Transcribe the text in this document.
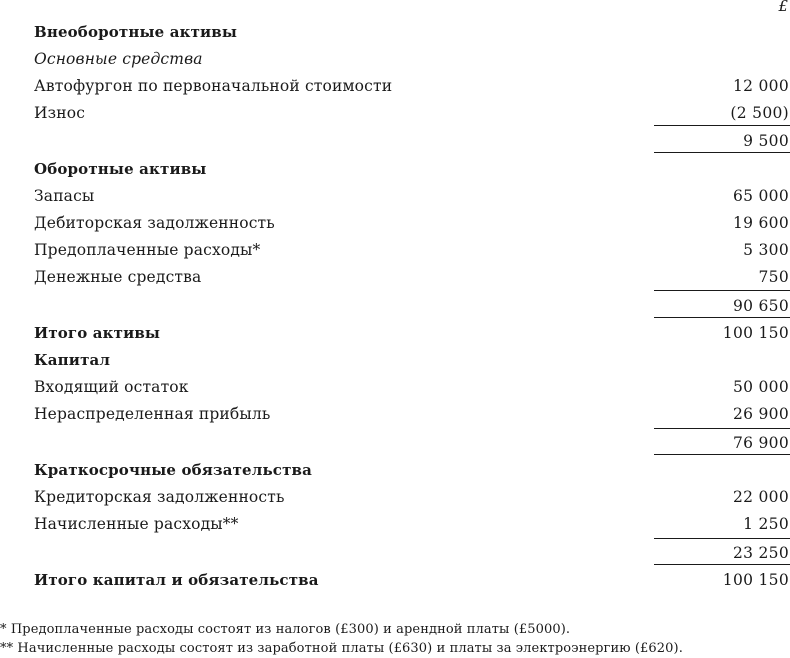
£
Внеоборотные активы
Основные средства
Автофургон по первоначальной стоимости	12 000
Износ	(2 500)
9 500
Оборотные активы
Запасы	65 000
Дебиторская задолженность	19 600
Предоплаченные расходы*	5 300
Денежные средства	750
90 650
Итого активы	100 150
Капитал
Входящий остаток	50 000
Нераспределенная прибыль	26 900
76 900
Краткосрочные обязательства
Кредиторская задолженность	22 000
Начисленные расходы**	1 250
23 250
Итого капитал и обязательства	100 150
* Предоплаченные расходы состоят из налогов (£300) и арендной платы (£5000).
** Начисленные расходы состоят из заработной платы (£630) и платы за электроэнергию (£620).
